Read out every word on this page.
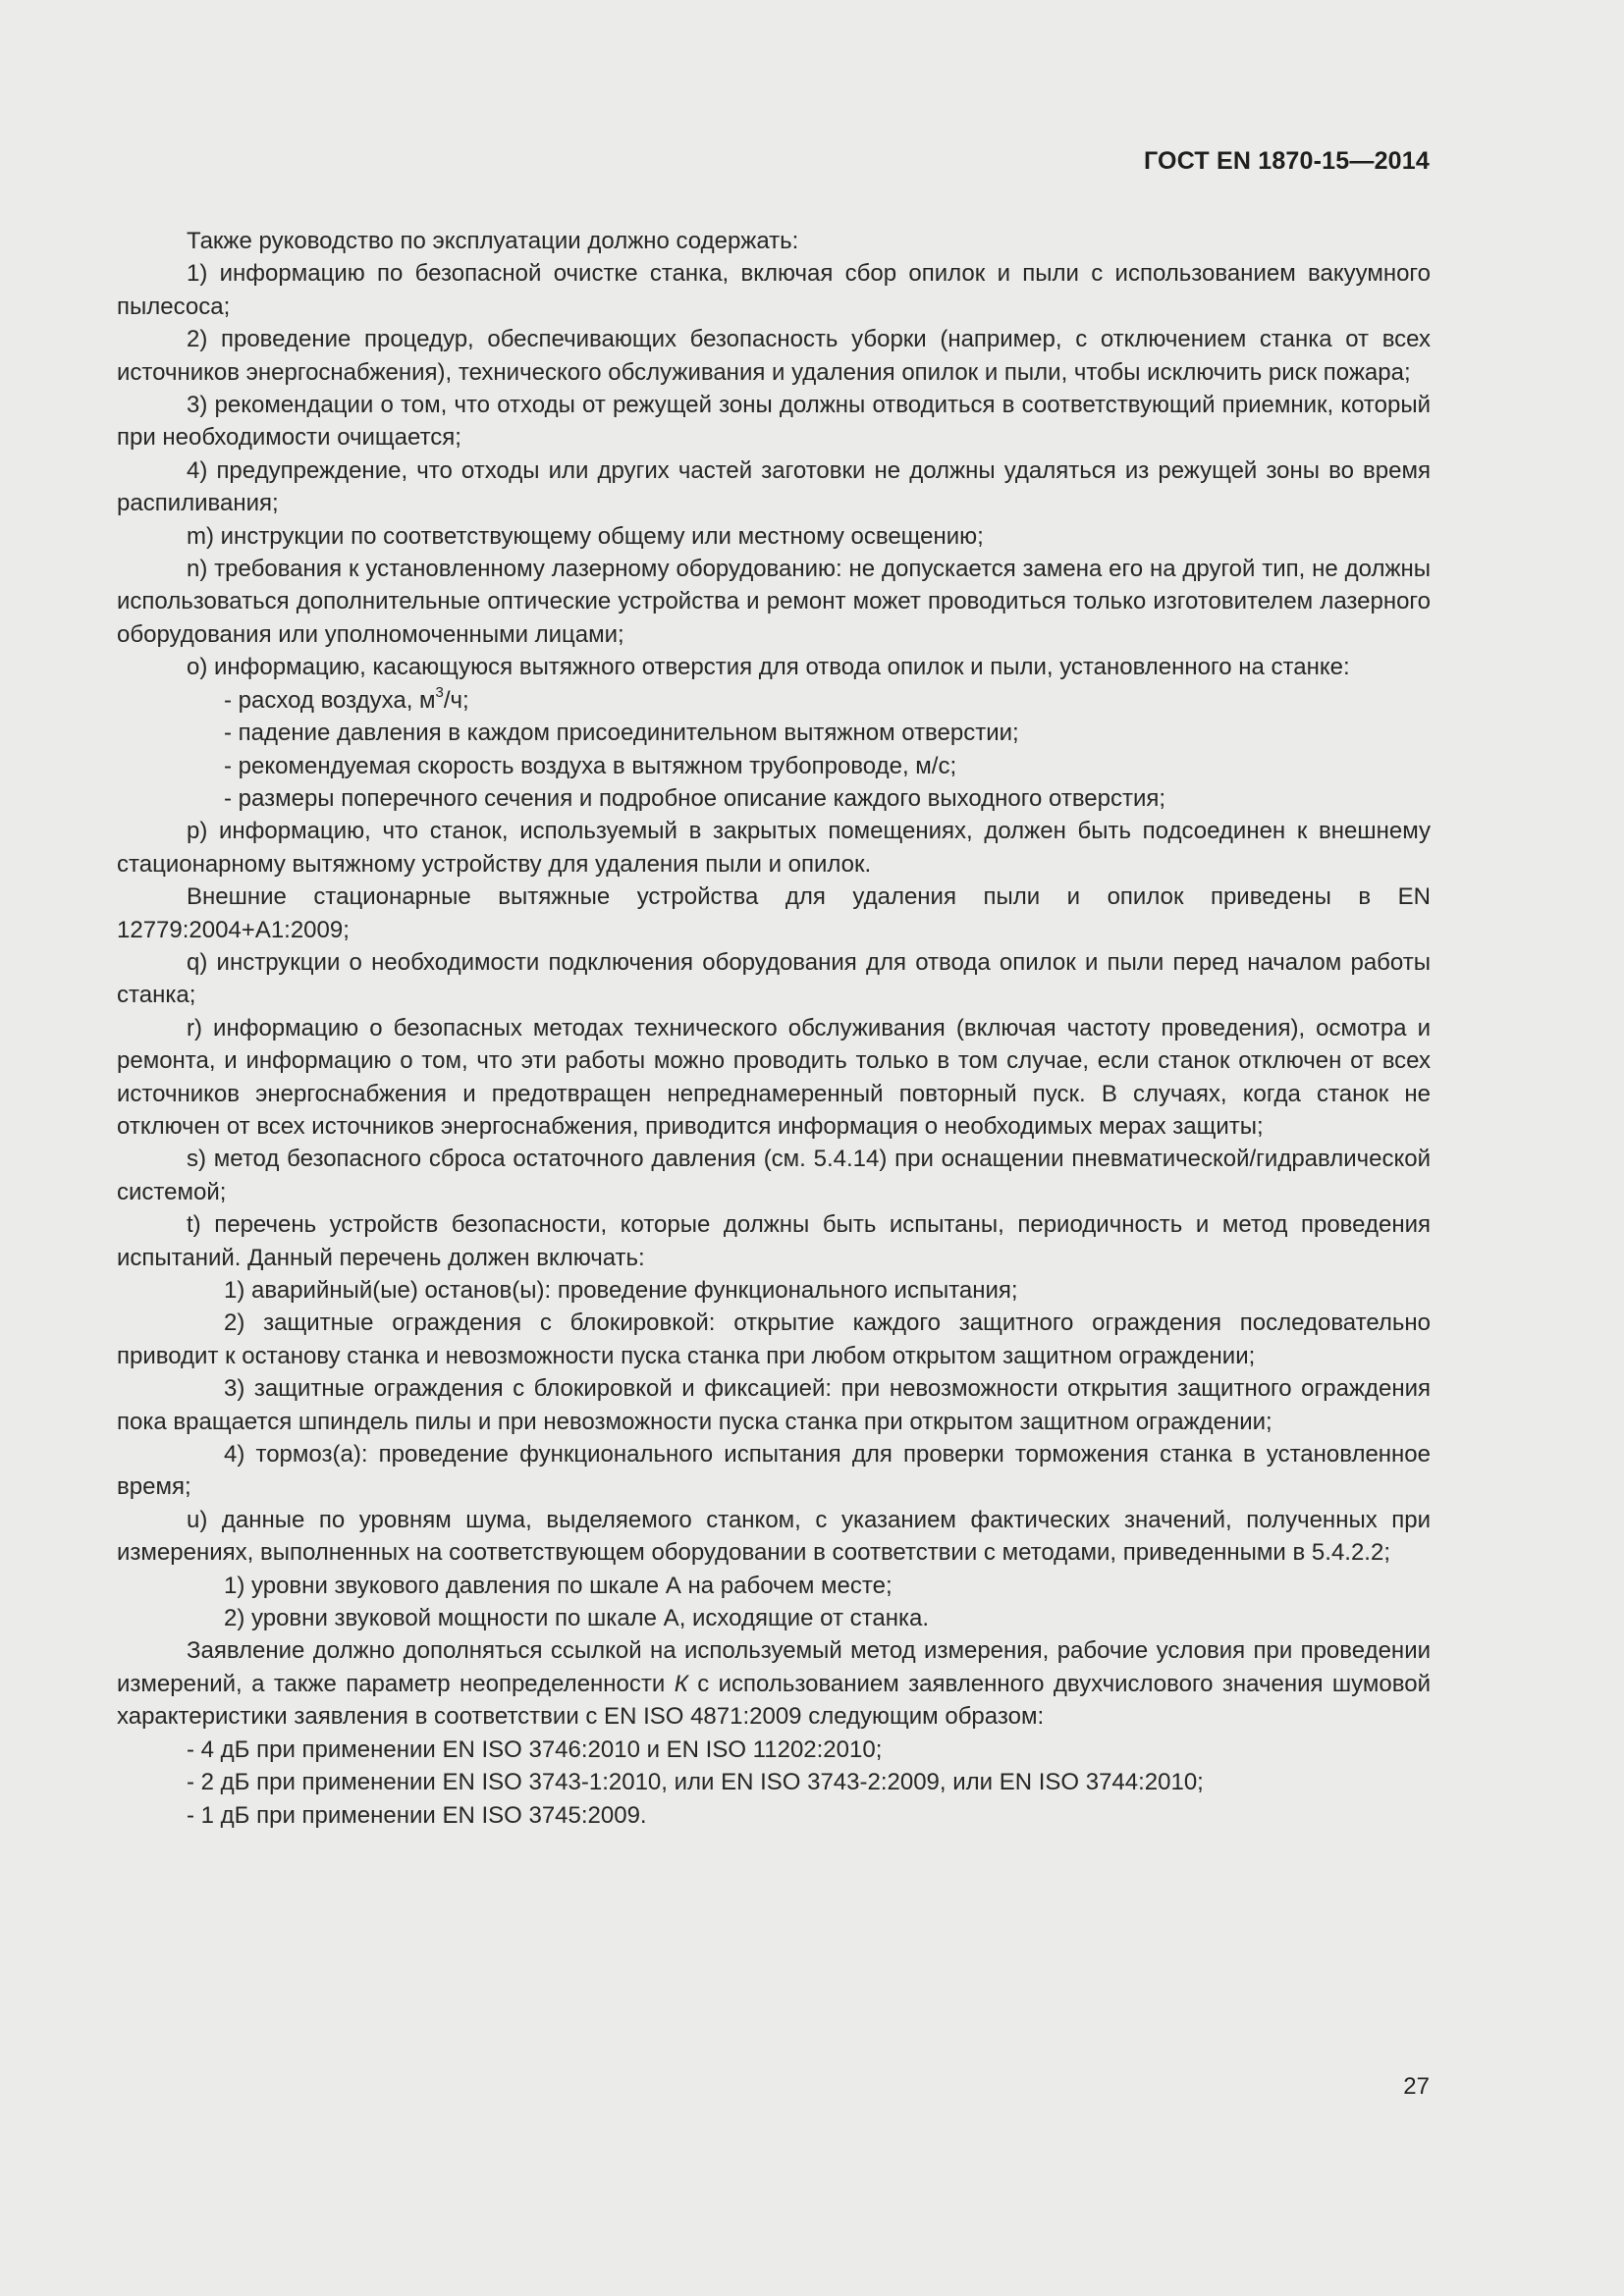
ГОСТ EN 1870-15—2014

Также руководство по эксплуатации должно содержать:

1) информацию по безопасной очистке станка, включая сбор опилок и пыли с использованием вакуумного пылесоса;

2) проведение процедур, обеспечивающих безопасность уборки (например, с отключением станка от всех источников энергоснабжения), технического обслуживания и удаления опилок и пыли, чтобы исключить риск пожара;

3) рекомендации о том, что отходы от режущей зоны должны отводиться в соответствующий приемник, который при необходимости очищается;

4) предупреждение, что отходы или других частей заготовки не должны удаляться из режущей зоны во время распиливания;

m) инструкции по соответствующему общему или местному освещению;

n) требования к установленному лазерному оборудованию: не допускается замена его на другой тип, не должны использоваться дополнительные оптические устройства и ремонт может проводиться только изготовителем лазерного оборудования или уполномоченными лицами;

о) информацию, касающуюся вытяжного отверстия для отвода опилок и пыли, установленного на станке:

- расход воздуха, $м^3/ч$;

- падение давления в каждом присоединительном вытяжном отверстии;

- рекомендуемая скорость воздуха в вытяжном трубопроводе, м/с;

- размеры поперечного сечения и подробное описание каждого выходного отверстия;

р) информацию, что станок, используемый в закрытых помещениях, должен быть подсоединен к внешнему стационарному вытяжному устройству для удаления пыли и опилок.

Внешние стационарные вытяжные устройства для удаления пыли и опилок приведены в EN 12779:2004+А1:2009;

q) инструкции о необходимости подключения оборудования для отвода опилок и пыли перед началом работы станка;

r) информацию о безопасных методах технического обслуживания (включая частоту проведения), осмотра и ремонта, и информацию о том, что эти работы можно проводить только в том случае, если станок отключен от всех источников энергоснабжения и предотвращен непреднамеренный повторный пуск. В случаях, когда станок не отключен от всех источников энергоснабжения, приводится информация о необходимых мерах защиты;

s) метод безопасного сброса остаточного давления (см. 5.4.14) при оснащении пневматической/гидравлической системой;

t) перечень устройств безопасности, которые должны быть испытаны, периодичность и метод проведения испытаний. Данный перечень должен включать:

1) аварийный(ые) останов(ы): проведение функционального испытания;

2) защитные ограждения с блокировкой: открытие каждого защитного ограждения последовательно приводит к останову станка и невозможности пуска станка при любом открытом защитном ограждении;

3) защитные ограждения с блокировкой и фиксацией: при невозможности открытия защитного ограждения пока вращается шпиндель пилы и при невозможности пуска станка при открытом защитном ограждении;

4) тормоз(а): проведение функционального испытания для проверки торможения станка в установленное время;

u) данные по уровням шума, выделяемого станком, с указанием фактических значений, полученных при измерениях, выполненных на соответствующем оборудовании в соответствии с методами, приведенными в 5.4.2.2;

1) уровни звукового давления по шкале А на рабочем месте;

2) уровни звуковой мощности по шкале А, исходящие от станка.

Заявление должно дополняться ссылкой на используемый метод измерения, рабочие условия при проведении измерений, а также параметр неопределенности К с использованием заявленного двухчислового значения шумовой характеристики заявления в соответствии с EN ISO 4871:2009 следующим образом:

- 4 дБ при применении EN ISO 3746:2010 и EN ISO 11202:2010;

- 2 дБ при применении EN ISO 3743-1:2010, или EN ISO 3743-2:2009, или EN ISO 3744:2010;

- 1 дБ при применении EN ISO 3745:2009.

27
